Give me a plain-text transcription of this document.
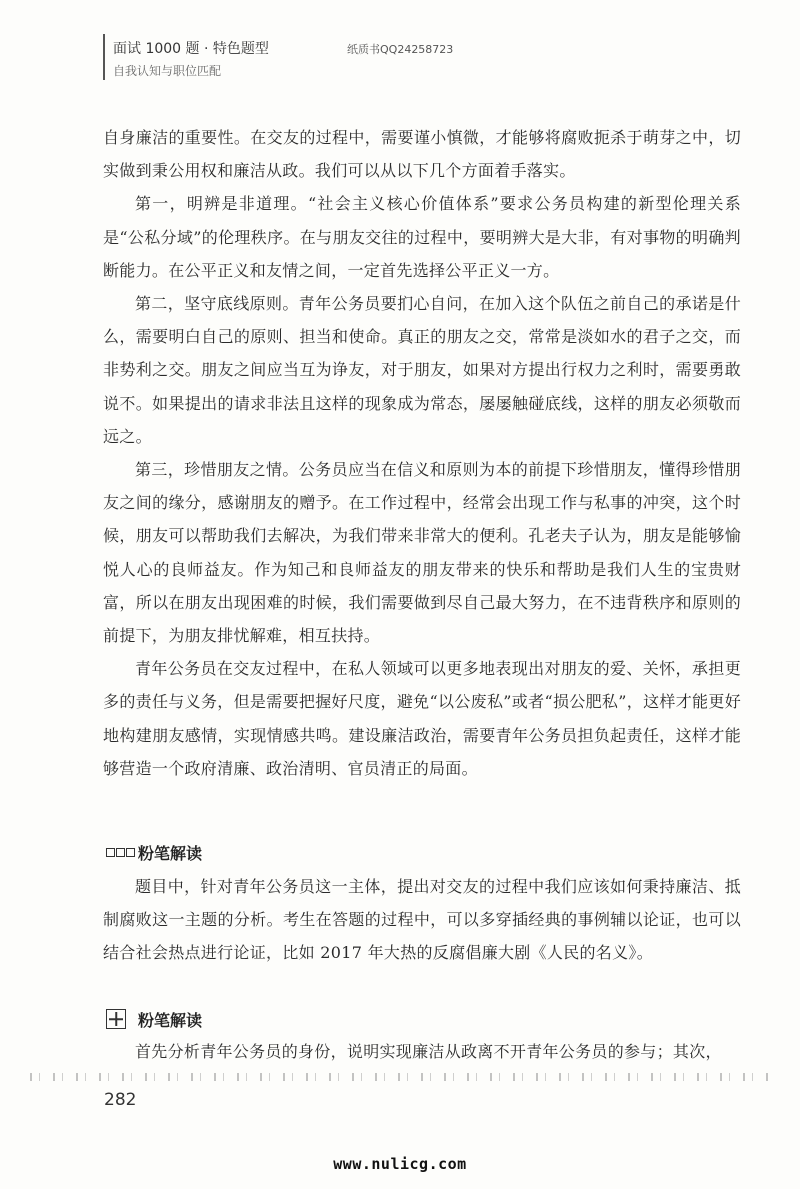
面试 1000 题 · 特色题型
自我认知与职位匹配
纸质书QQ24258723

自身廉洁的重要性。在交友的过程中，需要谨小慎微，才能够将腐败扼杀于萌芽之中，切实做到秉公用权和廉洁从政。我们可以从以下几个方面着手落实。

第一，明辨是非道理。“社会主义核心价值体系”要求公务员构建的新型伦理关系是“公私分域”的伦理秩序。在与朋友交往的过程中，要明辨大是大非，有对事物的明确判断能力。在公平正义和友情之间，一定首先选择公平正义一方。

第二，坚守底线原则。青年公务员要扪心自问，在加入这个队伍之前自己的承诺是什么，需要明白自己的原则、担当和使命。真正的朋友之交，常常是淡如水的君子之交，而非势利之交。朋友之间应当互为诤友，对于朋友，如果对方提出行权力之利时，需要勇敢说不。如果提出的请求非法且这样的现象成为常态，屡屡触碰底线，这样的朋友必须敬而远之。

第三，珍惜朋友之情。公务员应当在信义和原则为本的前提下珍惜朋友，懂得珍惜朋友之间的缘分，感谢朋友的赠予。在工作过程中，经常会出现工作与私事的冲突，这个时候，朋友可以帮助我们去解决，为我们带来非常大的便利。孔老夫子认为，朋友是能够愉悦人心的良师益友。作为知己和良师益友的朋友带来的快乐和帮助是我们人生的宝贵财富，所以在朋友出现困难的时候，我们需要做到尽自己最大努力，在不违背秩序和原则的前提下，为朋友排忧解难，相互扶持。

青年公务员在交友过程中，在私人领域可以更多地表现出对朋友的爱、关怀，承担更多的责任与义务，但是需要把握好尺度，避免“以公废私”或者“损公肥私”，这样才能更好地构建朋友感情，实现情感共鸣。建设廉洁政治，需要青年公务员担负起责任，这样才能够营造一个政府清廉、政治清明、官员清正的局面。

粉笔解读

题目中，针对青年公务员这一主体，提出对交友的过程中我们应该如何秉持廉洁、抵制腐败这一主题的分析。考生在答题的过程中，可以多穿插经典的事例辅以论证，也可以结合社会热点进行论证，比如 2017 年大热的反腐倡廉大剧《人民的名义》。

粉笔解读

首先分析青年公务员的身份，说明实现廉洁从政离不开青年公务员的参与；其次，

282
www.nulicg.com
